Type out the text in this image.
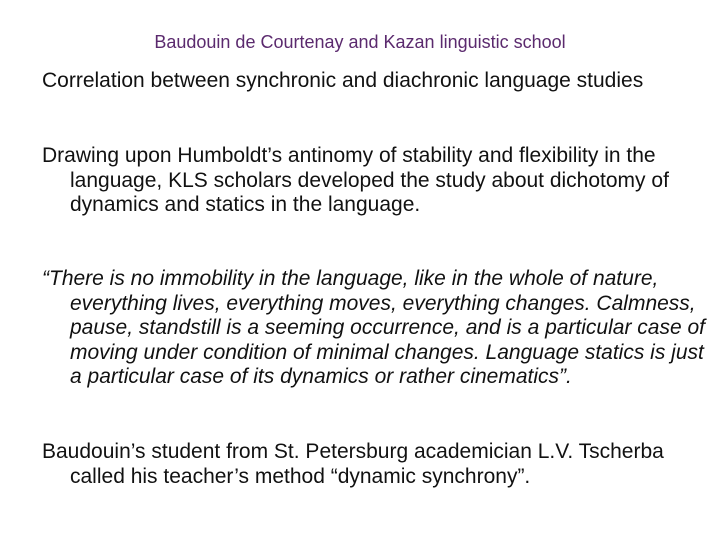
Baudouin de Courtenay and Kazan linguistic school

Correlation between synchronic and diachronic language studies

Drawing upon Humboldt’s antinomy of stability and flexibility in the language, KLS scholars developed the study about dichotomy of dynamics and statics in the language.

“There is no immobility in the language, like in the whole of nature, everything lives, everything moves, everything changes. Calmness, pause, standstill is a seeming occurrence, and is a particular case of moving under condition of minimal changes. Language statics is just a particular case of its dynamics or rather cinematics”.

Baudouin’s student from St. Petersburg academician L.V. Tscherba called his teacher’s method “dynamic synchrony”.
